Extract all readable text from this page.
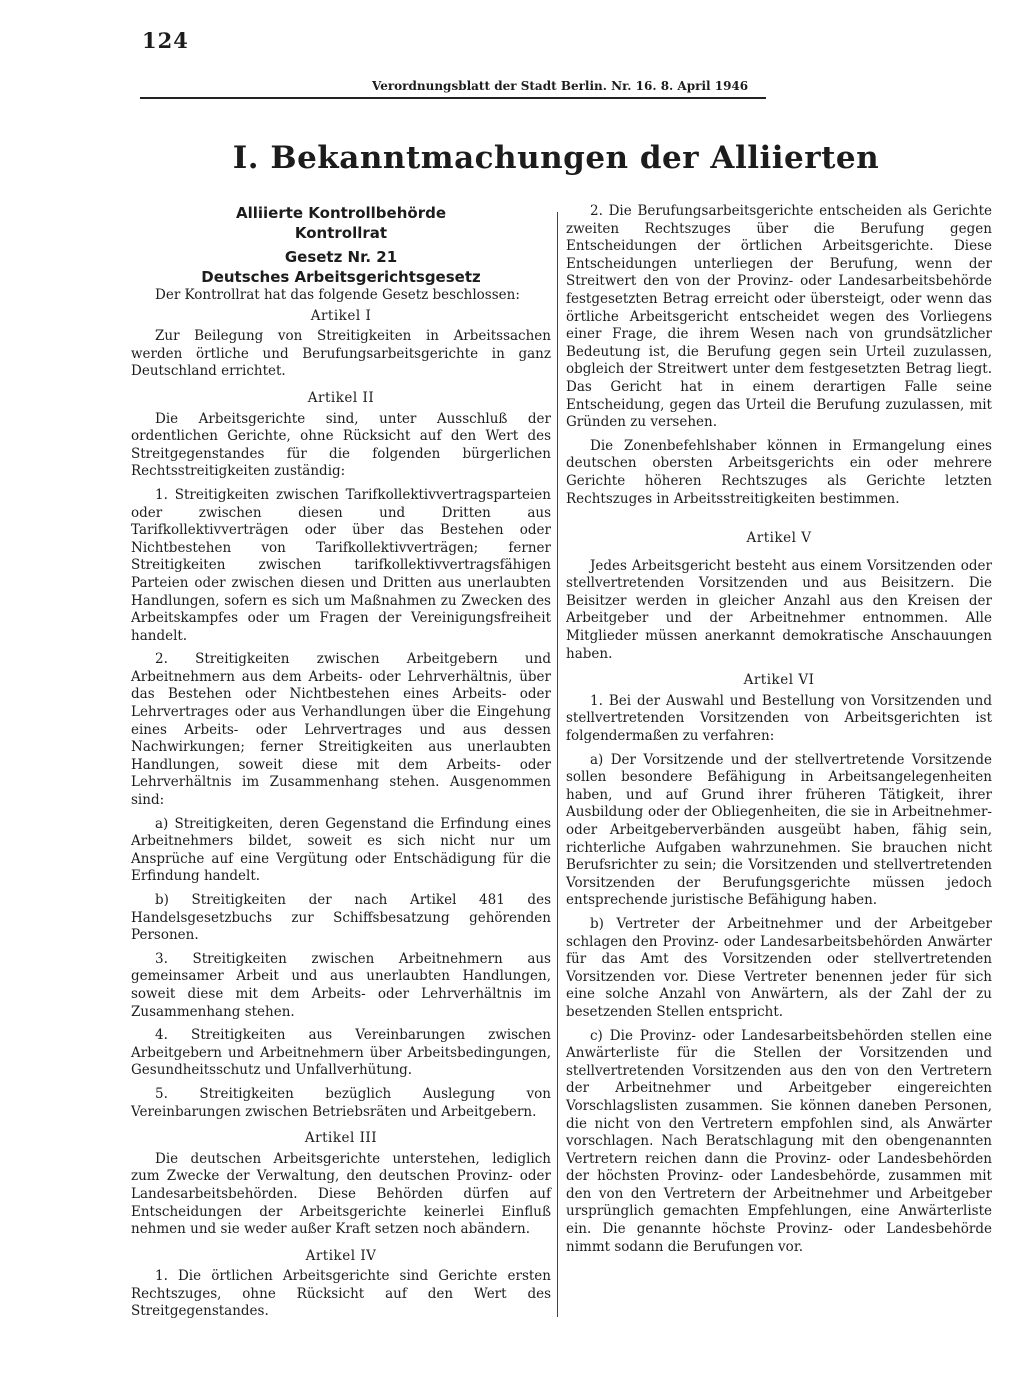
124
Verordnungsblatt der Stadt Berlin. Nr. 16. 8. April 1946
I. Bekanntmachungen der Alliierten

Alliierte Kontrollbehörde

Kontrollrat

Gesetz Nr. 21

Deutsches Arbeitsgerichtsgesetz

Der Kontrollrat hat das folgende Gesetz beschlossen:

Artikel I

Zur Beilegung von Streitigkeiten in Arbeitssachen werden örtliche und Berufungsarbeitsgerichte in ganz Deutschland errichtet.

Artikel II

Die Arbeitsgerichte sind, unter Ausschluß der ordentlichen Gerichte, ohne Rücksicht auf den Wert des Streitgegenstandes für die folgenden bürgerlichen Rechtsstreitigkeiten zuständig:

1. Streitigkeiten zwischen Tarifkollektivvertragsparteien oder zwischen diesen und Dritten aus Tarifkollektivverträgen oder über das Bestehen oder Nichtbestehen von Tarifkollektivverträgen; ferner Streitigkeiten zwischen tarifkollektivvertragsfähigen Parteien oder zwischen diesen und Dritten aus unerlaubten Handlungen, sofern es sich um Maßnahmen zu Zwecken des Arbeitskampfes oder um Fragen der Vereinigungsfreiheit handelt.

2. Streitigkeiten zwischen Arbeitgebern und Arbeitnehmern aus dem Arbeits- oder Lehrverhältnis, über das Bestehen oder Nichtbestehen eines Arbeits- oder Lehrvertrages oder aus Verhandlungen über die Eingehung eines Arbeits- oder Lehrvertrages und aus dessen Nachwirkungen; ferner Streitigkeiten aus unerlaubten Handlungen, soweit diese mit dem Arbeits- oder Lehrverhältnis im Zusammenhang stehen. Ausgenommen sind:

a) Streitigkeiten, deren Gegenstand die Erfindung eines Arbeitnehmers bildet, soweit es sich nicht nur um Ansprüche auf eine Vergütung oder Entschädigung für die Erfindung handelt.

b) Streitigkeiten der nach Artikel 481 des Handelsgesetzbuchs zur Schiffsbesatzung gehörenden Personen.

3. Streitigkeiten zwischen Arbeitnehmern aus gemeinsamer Arbeit und aus unerlaubten Handlungen, soweit diese mit dem Arbeits- oder Lehrverhältnis im Zusammenhang stehen.

4. Streitigkeiten aus Vereinbarungen zwischen Arbeitgebern und Arbeitnehmern über Arbeitsbedingungen, Gesundheitsschutz und Unfallverhütung.

5. Streitigkeiten bezüglich Auslegung von Vereinbarungen zwischen Betriebsräten und Arbeitgebern.

Artikel III

Die deutschen Arbeitsgerichte unterstehen, lediglich zum Zwecke der Verwaltung, den deutschen Provinz- oder Landesarbeitsbehörden. Diese Behörden dürfen auf Entscheidungen der Arbeitsgerichte keinerlei Einfluß nehmen und sie weder außer Kraft setzen noch abändern.

Artikel IV

1. Die örtlichen Arbeitsgerichte sind Gerichte ersten Rechtszuges, ohne Rücksicht auf den Wert des Streitgegenstandes.

2. Die Berufungsarbeitsgerichte entscheiden als Gerichte zweiten Rechtszuges über die Berufung gegen Entscheidungen der örtlichen Arbeitsgerichte. Diese Entscheidungen unterliegen der Berufung, wenn der Streitwert den von der Provinz- oder Landesarbeitsbehörde festgesetzten Betrag erreicht oder übersteigt, oder wenn das örtliche Arbeitsgericht entscheidet wegen des Vorliegens einer Frage, die ihrem Wesen nach von grundsätzlicher Bedeutung ist, die Berufung gegen sein Urteil zuzulassen, obgleich der Streitwert unter dem festgesetzten Betrag liegt. Das Gericht hat in einem derartigen Falle seine Entscheidung, gegen das Urteil die Berufung zuzulassen, mit Gründen zu versehen.

Die Zonenbefehlshaber können in Ermangelung eines deutschen obersten Arbeitsgerichts ein oder mehrere Gerichte höheren Rechtszuges als Gerichte letzten Rechtszuges in Arbeitsstreitigkeiten bestimmen.

Artikel V

Jedes Arbeitsgericht besteht aus einem Vorsitzenden oder stellvertretenden Vorsitzenden und aus Beisitzern. Die Beisitzer werden in gleicher Anzahl aus den Kreisen der Arbeitgeber und der Arbeitnehmer entnommen. Alle Mitglieder müssen anerkannt demokratische Anschauungen haben.

Artikel VI

1. Bei der Auswahl und Bestellung von Vorsitzenden und stellvertretenden Vorsitzenden von Arbeitsgerichten ist folgendermaßen zu verfahren:

a) Der Vorsitzende und der stellvertretende Vorsitzende sollen besondere Befähigung in Arbeitsangelegenheiten haben, und auf Grund ihrer früheren Tätigkeit, ihrer Ausbildung oder der Obliegenheiten, die sie in Arbeitnehmer- oder Arbeitgeberverbänden ausgeübt haben, fähig sein, richterliche Aufgaben wahrzunehmen. Sie brauchen nicht Berufsrichter zu sein; die Vorsitzenden und stellvertretenden Vorsitzenden der Berufungsgerichte müssen jedoch entsprechende juristische Befähigung haben.

b) Vertreter der Arbeitnehmer und der Arbeitgeber schlagen den Provinz- oder Landesarbeitsbehörden Anwärter für das Amt des Vorsitzenden oder stellvertretenden Vorsitzenden vor. Diese Vertreter benennen jeder für sich eine solche Anzahl von Anwärtern, als der Zahl der zu besetzenden Stellen entspricht.

c) Die Provinz- oder Landesarbeitsbehörden stellen eine Anwärterliste für die Stellen der Vorsitzenden und stellvertretenden Vorsitzenden aus den von den Vertretern der Arbeitnehmer und Arbeitgeber eingereichten Vorschlagslisten zusammen. Sie können daneben Personen, die nicht von den Vertretern empfohlen sind, als Anwärter vorschlagen. Nach Beratschlagung mit den obengenannten Vertretern reichen dann die Provinz- oder Landesbehörden der höchsten Provinz- oder Landesbehörde, zusammen mit den von den Vertretern der Arbeitnehmer und Arbeitgeber ursprünglich gemachten Empfehlungen, eine Anwärterliste ein. Die genannte höchste Provinz- oder Landesbehörde nimmt sodann die Berufungen vor.
